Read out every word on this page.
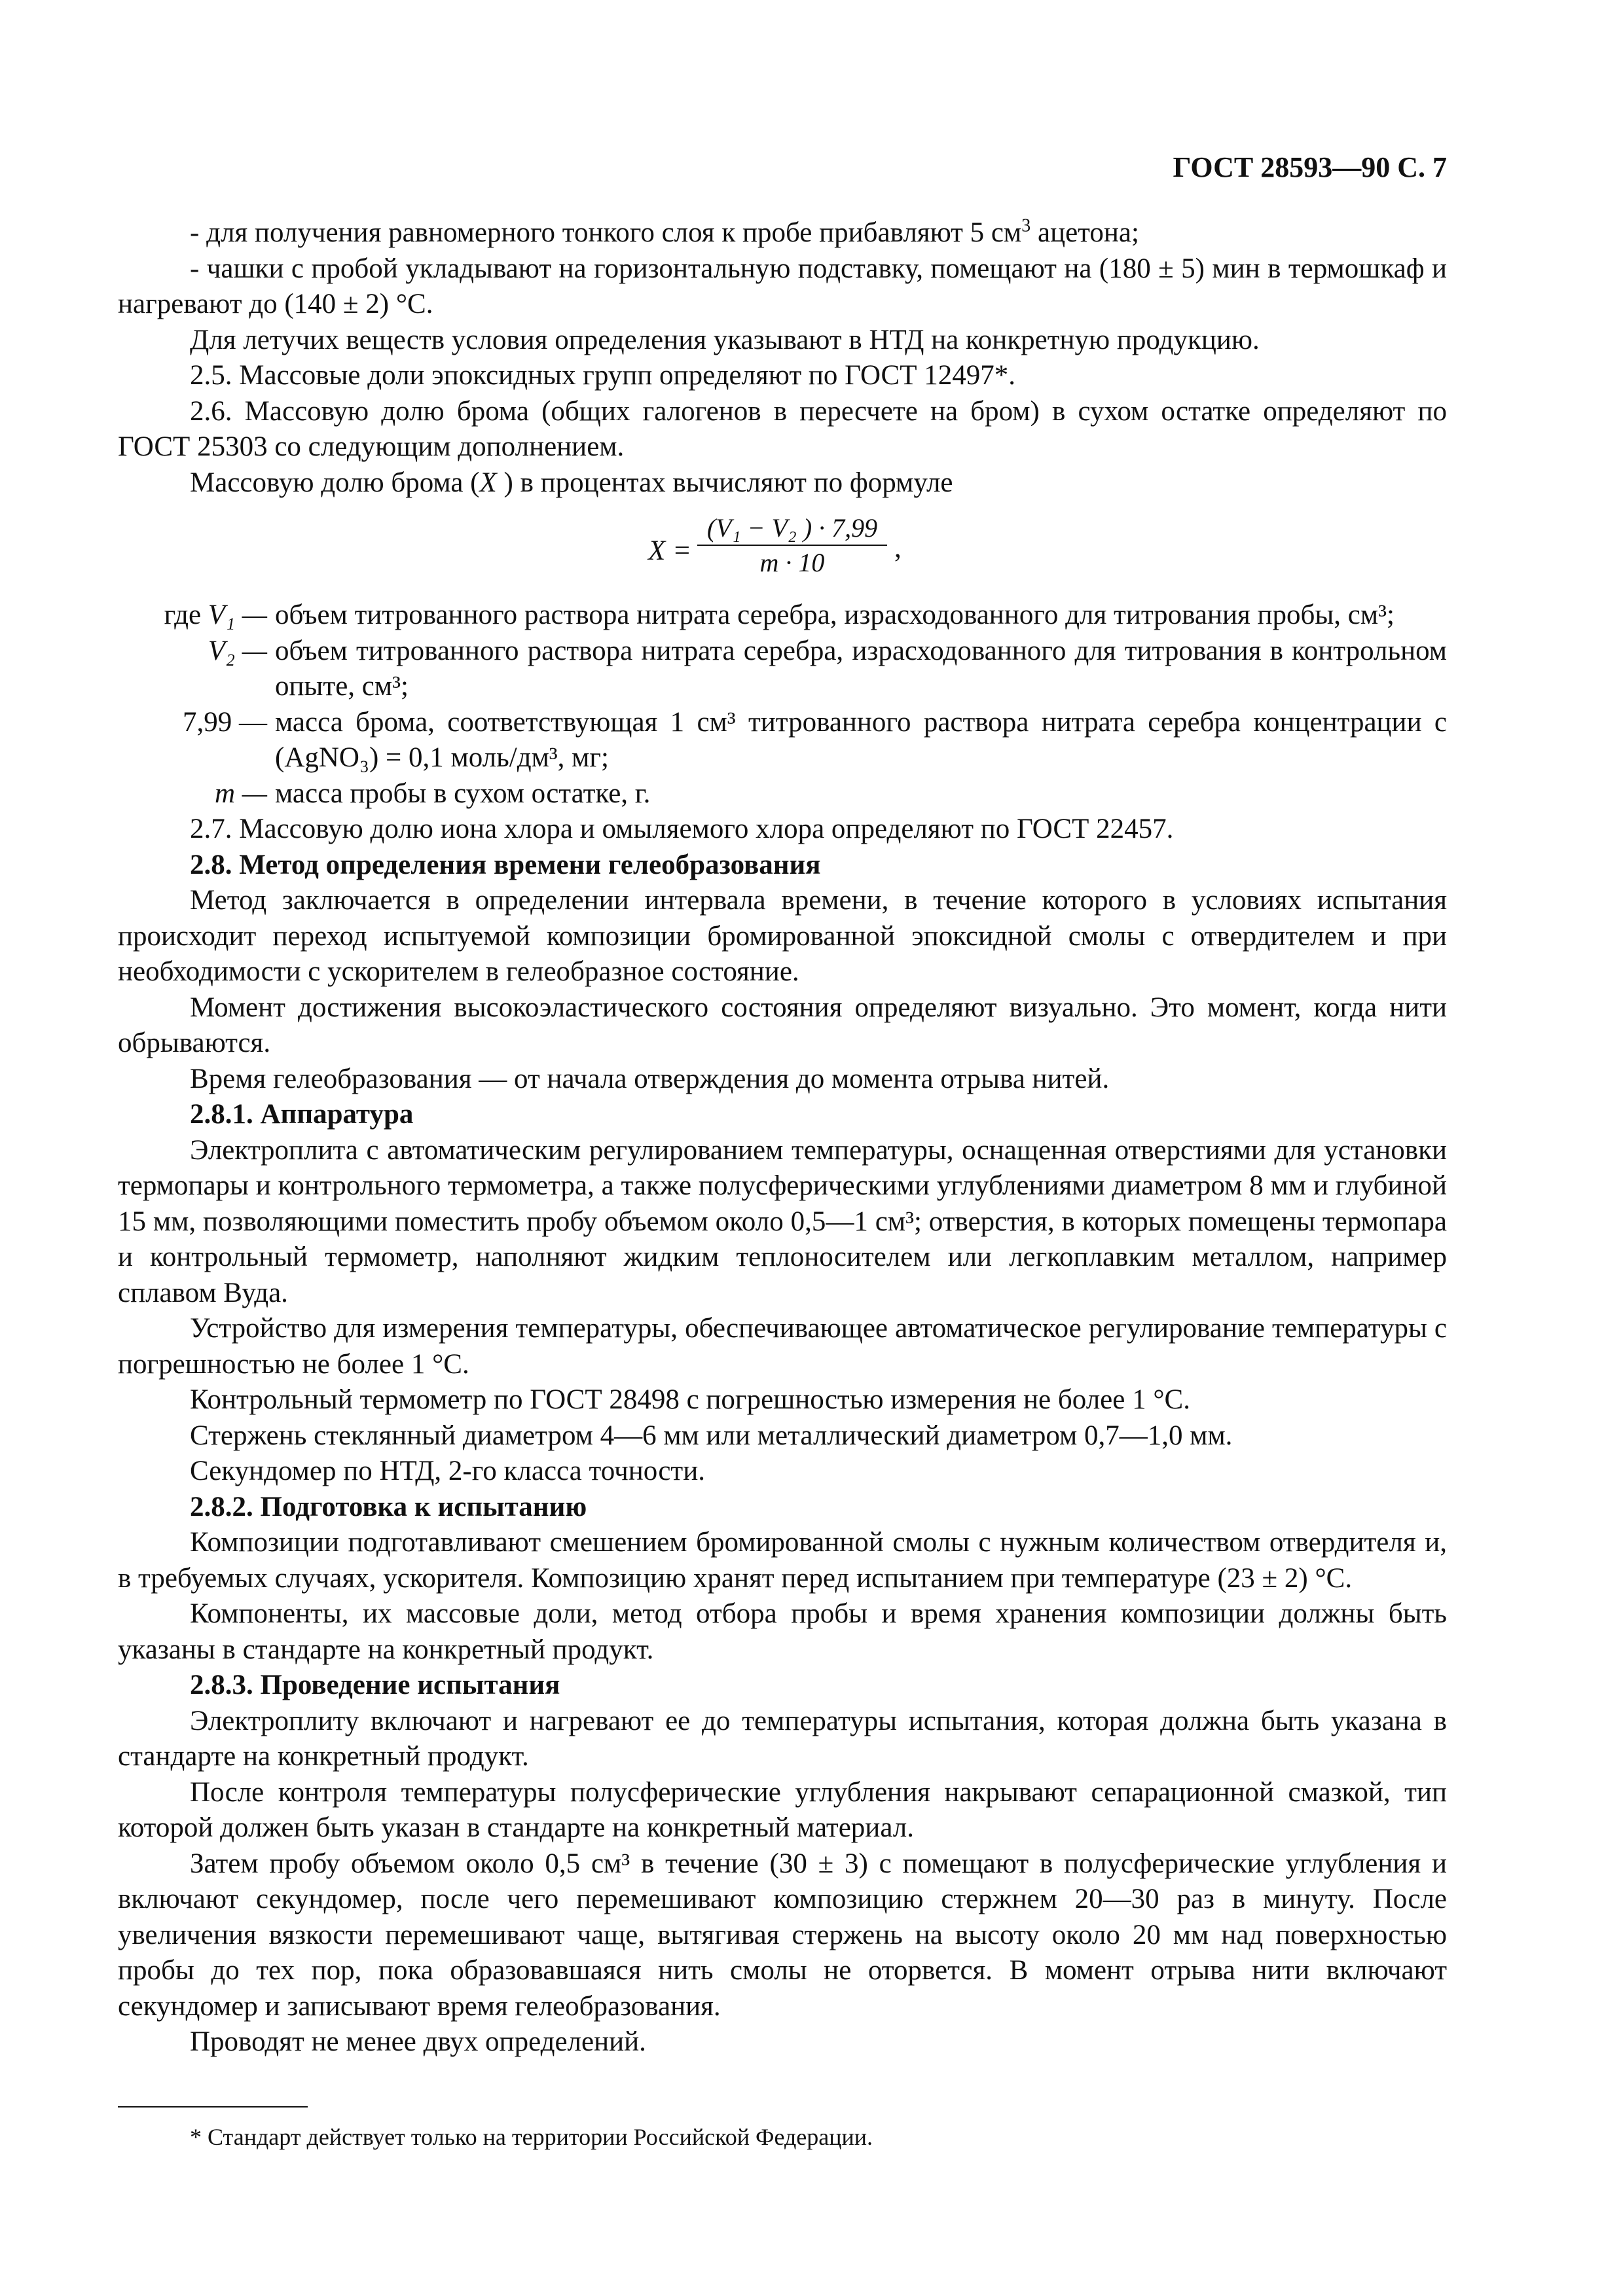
ГОСТ 28593—90 С. 7

- для получения равномерного тонкого слоя к пробе прибавляют 5 $см^3$ ацетона;

- чашки с пробой укладывают на горизонтальную подставку, помещают на (180 ± 5) мин в термошкаф и нагревают до (140 ± 2) °С.

Для летучих веществ условия определения указывают в НТД на конкретную продукцию.

2.5. Массовые доли эпоксидных групп определяют по ГОСТ 12497*.

2.6. Массовую долю брома (общих галогенов в пересчете на бром) в сухом остатке определяют по ГОСТ 25303 со следующим дополнением.

Массовую долю брома (X ) в процентах вычисляют по формуле

$X = \frac{\text{(V₁ − V₂ ) · 7,99}}{m \cdot 10}$ ,
где V₁ — объем титрованного раствора нитрата серебра, израсходованного для титрования пробы, см³;
V₂ — объем титрованного раствора нитрата серебра, израсходованного для титрования в контрольном опыте, см³;
7,99 — масса брома, соответствующая 1 см³ титрованного раствора нитрата серебра концентрации c (AgNO₃) = 0,1 моль/дм³, мг;
m — масса пробы в сухом остатке, г.

2.7. Массовую долю иона хлора и омыляемого хлора определяют по ГОСТ 22457.

2.8. Метод определения времени гелеобразования

Метод заключается в определении интервала времени, в течение которого в условиях испытания происходит переход испытуемой композиции бромированной эпоксидной смолы с отвердителем и при необходимости с ускорителем в гелеобразное состояние.

Момент достижения высокоэластического состояния определяют визуально. Это момент, когда нити обрываются.

Время гелеобразования — от начала отверждения до момента отрыва нитей.

2.8.1. Аппаратура

Электроплита с автоматическим регулированием температуры, оснащенная отверстиями для установки термопары и контрольного термометра, а также полусферическими углублениями диаметром 8 мм и глубиной 15 мм, позволяющими поместить пробу объемом около 0,5—1 см³; отверстия, в которых помещены термопара и контрольный термометр, наполняют жидким теплоносителем или легкоплавким металлом, например сплавом Вуда.

Устройство для измерения температуры, обеспечивающее автоматическое регулирование температуры с погрешностью не более 1 °С.

Контрольный термометр по ГОСТ 28498 с погрешностью измерения не более 1 °С.

Стержень стеклянный диаметром 4—6 мм или металлический диаметром 0,7—1,0 мм.

Секундомер по НТД, 2-го класса точности.

2.8.2. Подготовка к испытанию

Композиции подготавливают смешением бромированной смолы с нужным количеством отвердителя и, в требуемых случаях, ускорителя. Композицию хранят перед испытанием при температуре (23 ± 2) °С.

Компоненты, их массовые доли, метод отбора пробы и время хранения композиции должны быть указаны в стандарте на конкретный продукт.

2.8.3. Проведение испытания

Электроплиту включают и нагревают ее до температуры испытания, которая должна быть указана в стандарте на конкретный продукт.

После контроля температуры полусферические углубления накрывают сепарационной смазкой, тип которой должен быть указан в стандарте на конкретный материал.

Затем пробу объемом около 0,5 см³ в течение (30 ± 3) с помещают в полусферические углубления и включают секундомер, после чего перемешивают композицию стержнем 20—30 раз в минуту. После увеличения вязкости перемешивают чаще, вытягивая стержень на высоту около 20 мм над поверхностью пробы до тех пор, пока образовавшаяся нить смолы не оторвется. В момент отрыва нити включают секундомер и записывают время гелеобразования.

Проводят не менее двух определений.

* Стандарт действует только на территории Российской Федерации.
